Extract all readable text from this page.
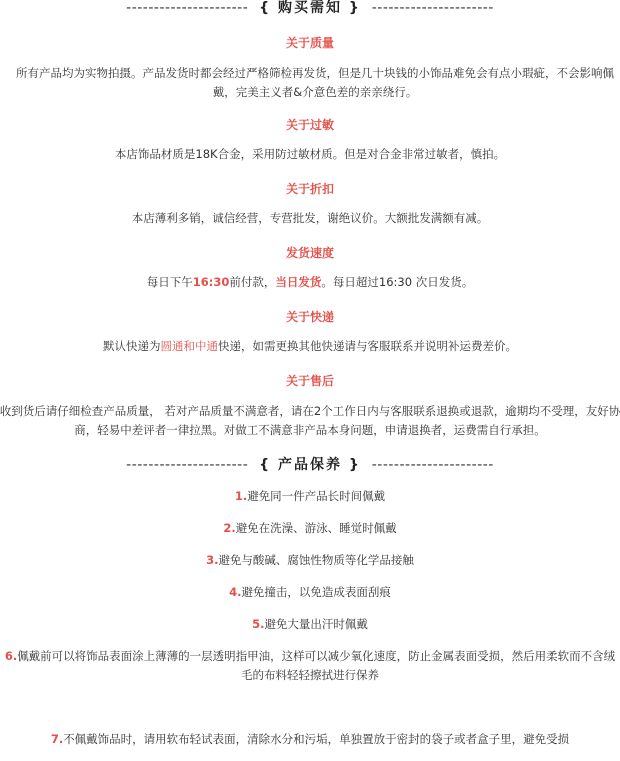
---------------------- { 购买需知 } ----------------------
关于质量
所有产品均为实物拍摄。产品发货时都会经过严格筛检再发货，但是几十块钱的小饰品难免会有点小瑕疵，不会影响佩戴，完美主义者&介意色差的亲亲绕行。
关于过敏
本店饰品材质是18K合金，采用防过敏材质。但是对合金非常过敏者，慎拍。
关于折扣
本店薄利多销，诚信经营，专营批发，谢绝议价。大额批发满额有减。
发货速度
每日下午16:30前付款，当日发货。每日超过16:30 次日发货。
关于快递
默认快递为圆通和中通快递，如需更换其他快递请与客服联系并说明补运费差价。
关于售后
收到货后请仔细检查产品质量， 若对产品质量不满意者，请在2个工作日内与客服联系退换或退款，逾期均不受理，友好协商，轻易中差评者一律拉黑。对做工不满意非产品本身问题，申请退换者，运费需自行承担。
---------------------- { 产品保养 } ----------------------
1.避免同一件产品长时间佩戴
2.避免在洗澡、游泳、睡觉时佩戴
3.避免与酸碱、腐蚀性物质等化学品接触
4.避免撞击，以免造成表面刮痕
5.避免大量出汗时佩戴
6.佩戴前可以将饰品表面涂上薄薄的一层透明指甲油，这样可以减少氧化速度，防止金属表面受损，然后用柔软而不含绒毛的布料轻轻擦拭进行保养
7.不佩戴饰品时，请用软布轻试表面，清除水分和污垢，单独置放于密封的袋子或者盒子里，避免受损
